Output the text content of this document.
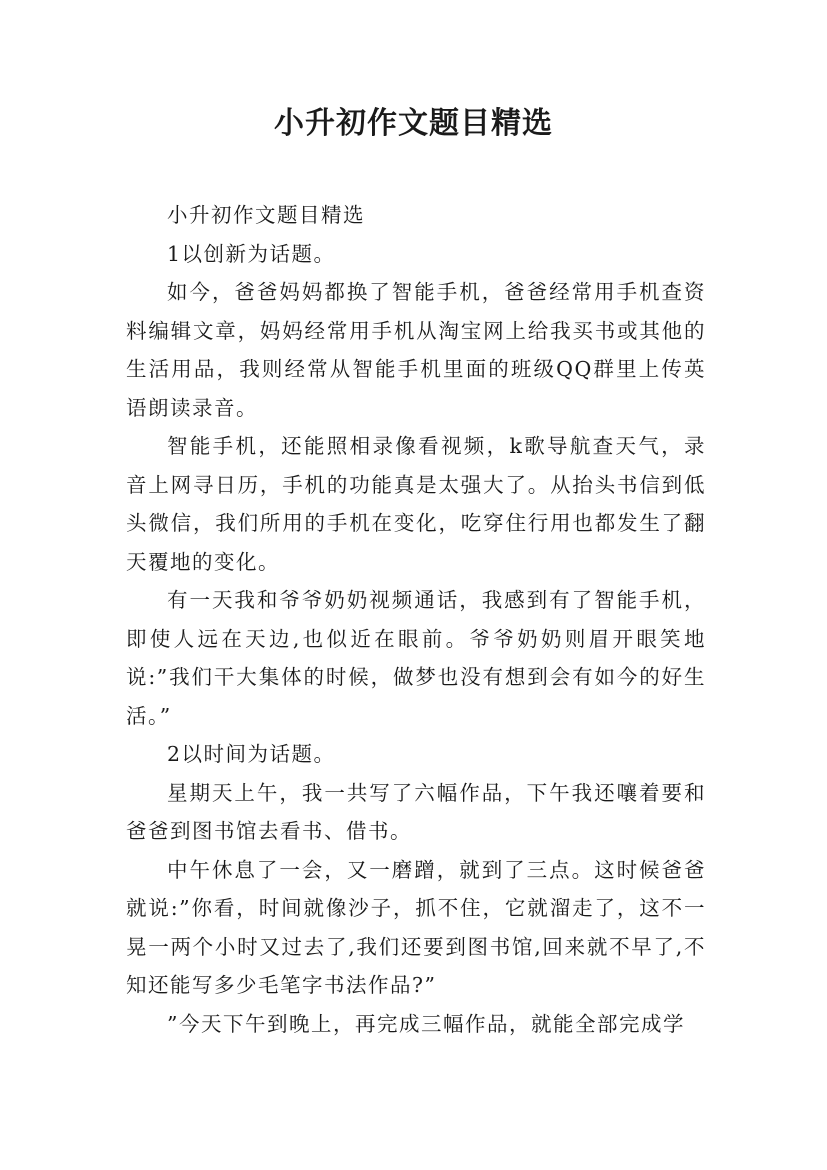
小升初作文题目精选

小升初作文题目精选

1以创新为话题。

如今，爸爸妈妈都换了智能手机，爸爸经常用手机查资料编辑文章，妈妈经常用手机从淘宝网上给我买书或其他的生活用品，我则经常从智能手机里面的班级QQ群里上传英语朗读录音。

智能手机，还能照相录像看视频，k歌导航查天气，录音上网寻日历，手机的功能真是太强大了。从抬头书信到低头微信，我们所用的手机在变化，吃穿住行用也都发生了翻天覆地的变化。

有一天我和爷爷奶奶视频通话，我感到有了智能手机，即使人远在天边,也似近在眼前。爷爷奶奶则眉开眼笑地说:”我们干大集体的时候，做梦也没有想到会有如今的好生活。”

2以时间为话题。

星期天上午，我一共写了六幅作品，下午我还嚷着要和爸爸到图书馆去看书、借书。

中午休息了一会，又一磨蹭，就到了三点。这时候爸爸就说:”你看，时间就像沙子，抓不住，它就溜走了，这不一晃一两个小时又过去了,我们还要到图书馆,回来就不早了,不知还能写多少毛笔字书法作品?”

”今天下午到晚上，再完成三幅作品，就能全部完成学
